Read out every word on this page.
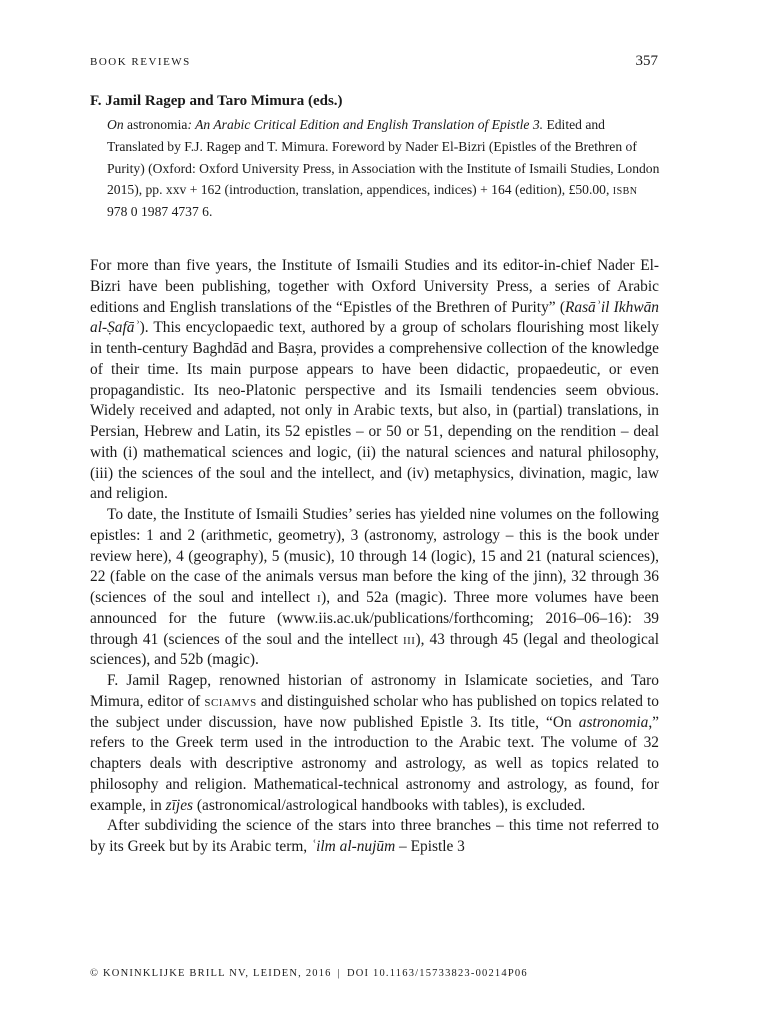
BOOK REVIEWS	357

F. Jamil Ragep and Taro Mimura (eds.)

On astronomia: An Arabic Critical Edition and English Translation of Epistle 3. Edited and Translated by F.J. Ragep and T. Mimura. Foreword by Nader El-Bizri (Epistles of the Brethren of Purity) (Oxford: Oxford University Press, in Association with the Institute of Ismaili Studies, London 2015), pp. xxv + 162 (introduction, translation, appendices, indices) + 164 (edition), £50.00, isbn 978 0 1987 4737 6.

For more than five years, the Institute of Ismaili Studies and its editor-in-chief Nader El-Bizri have been publishing, together with Oxford University Press, a series of Arabic editions and English translations of the “Epistles of the Brethren of Purity” (Rasāʾil Ikhwān al-Ṣafāʾ). This encyclopaedic text, authored by a group of scholars flourishing most likely in tenth-century Baghdād and Baṣra, provides a comprehensive collection of the knowledge of their time. Its main purpose appears to have been didactic, propaedeutic, or even propagandistic. Its neo-Platonic perspective and its Ismaili tendencies seem obvious. Widely received and adapted, not only in Arabic texts, but also, in (partial) translations, in Persian, Hebrew and Latin, its 52 epistles – or 50 or 51, depending on the rendition – deal with (i) mathematical sciences and logic, (ii) the natural sciences and natural philosophy, (iii) the sciences of the soul and the intellect, and (iv) metaphysics, divination, magic, law and religion.

To date, the Institute of Ismaili Studies’ series has yielded nine volumes on the following epistles: 1 and 2 (arithmetic, geometry), 3 (astronomy, astrology – this is the book under review here), 4 (geography), 5 (music), 10 through 14 (logic), 15 and 21 (natural sciences), 22 (fable on the case of the animals versus man before the king of the jinn), 32 through 36 (sciences of the soul and intellect i), and 52a (magic). Three more volumes have been announced for the future (www.iis.ac.uk/publications/forthcoming; 2016–06–16): 39 through 41 (sciences of the soul and the intellect iii), 43 through 45 (legal and theological sciences), and 52b (magic).

F. Jamil Ragep, renowned historian of astronomy in Islamicate societies, and Taro Mimura, editor of sciamvs and distinguished scholar who has published on topics related to the subject under discussion, have now published Epistle 3. Its title, “On astronomia,” refers to the Greek term used in the introduction to the Arabic text. The volume of 32 chapters deals with descriptive astronomy and astrology, as well as topics related to philosophy and religion. Mathematical-technical astronomy and astrology, as found, for example, in zījes (astronomical/astrological handbooks with tables), is excluded.

After subdividing the science of the stars into three branches – this time not referred to by its Greek but by its Arabic term, ʿilm al-nujūm – Epistle 3

© KONINKLIJKE BRILL NV, LEIDEN, 2016 | DOI 10.1163/15733823-00214P06
